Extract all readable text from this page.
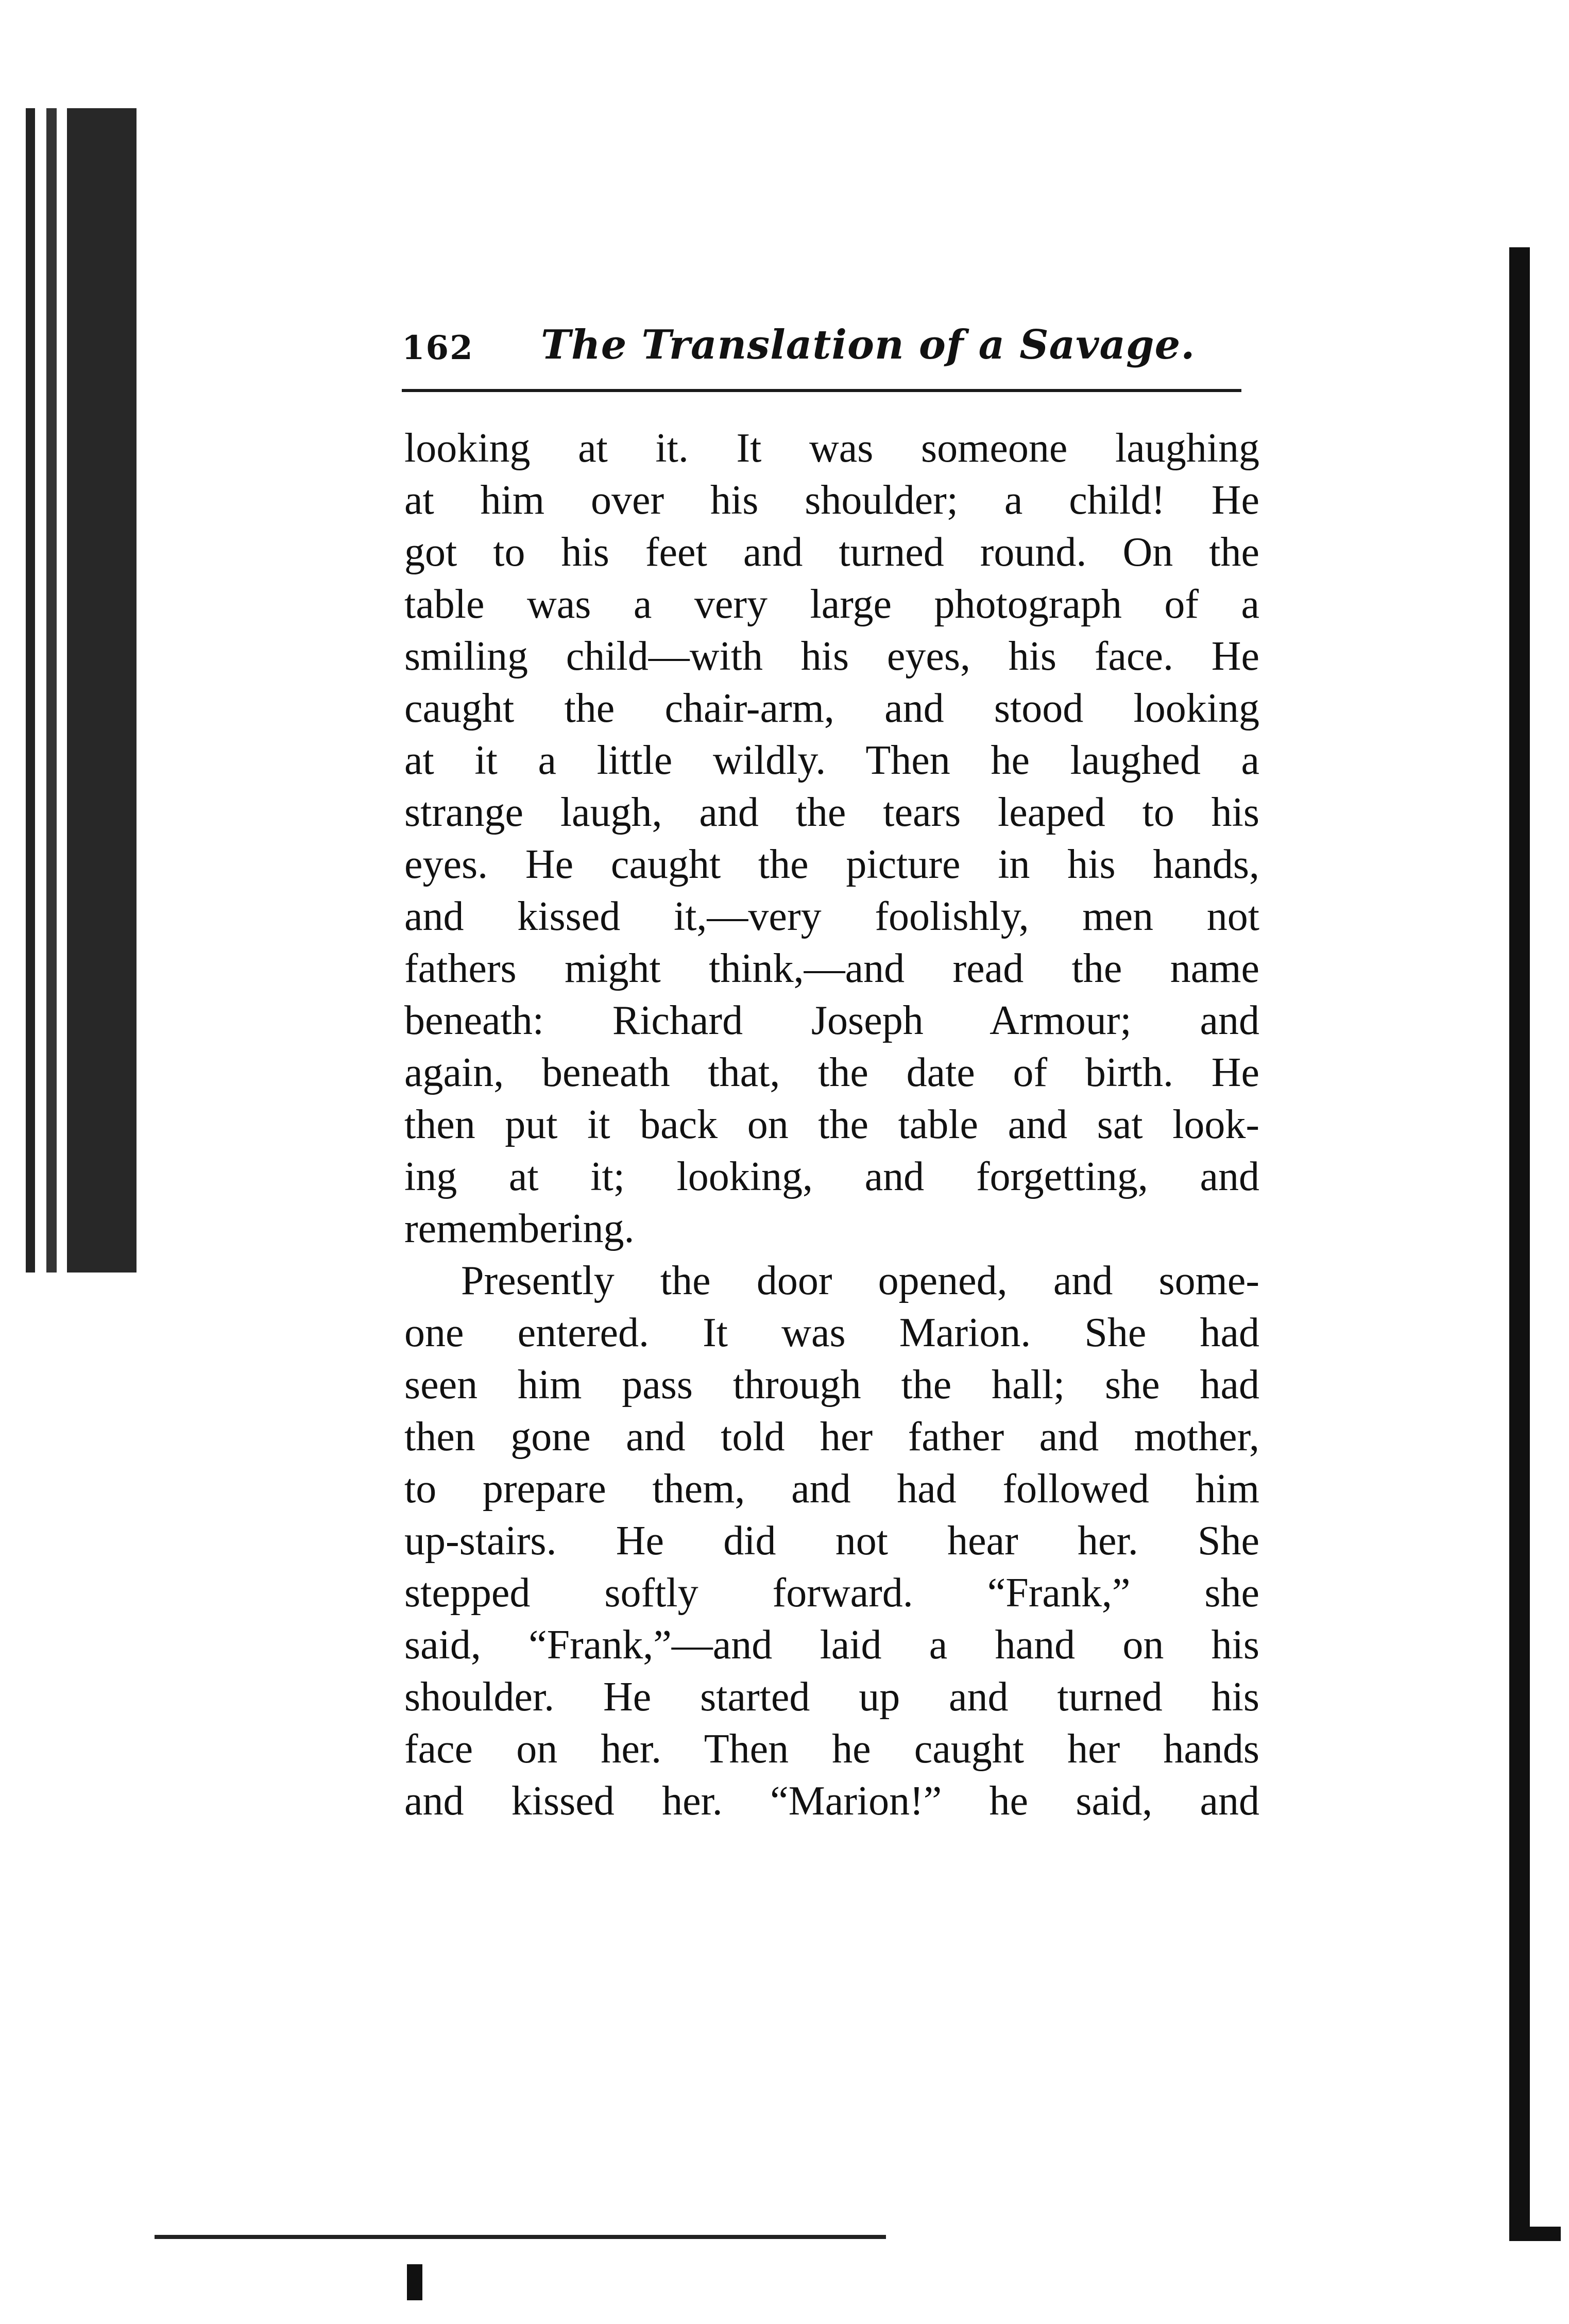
162 The Translation of a Savage.
looking at it. It was someone laughing
at him over his shoulder; a child! He
got to his feet and turned round. On the
table was a very large photograph of a
smiling child—with his eyes, his face. He
caught the chair-arm, and stood looking
at it a little wildly. Then he laughed a
strange laugh, and the tears leaped to his
eyes. He caught the picture in his hands,
and kissed it,—very foolishly, men not
fathers might think,—and read the name
beneath: Richard Joseph Armour; and
again, beneath that, the date of birth. He
then put it back on the table and sat look-
ing at it; looking, and forgetting, and
remembering.
Presently the door opened, and some-
one entered. It was Marion. She had
seen him pass through the hall; she had
then gone and told her father and mother,
to prepare them, and had followed him
up-stairs. He did not hear her. She
stepped softly forward. “Frank,” she
said, “Frank,”—and laid a hand on his
shoulder. He started up and turned his
face on her. Then he caught her hands
and kissed her. “Marion!” he said, and
